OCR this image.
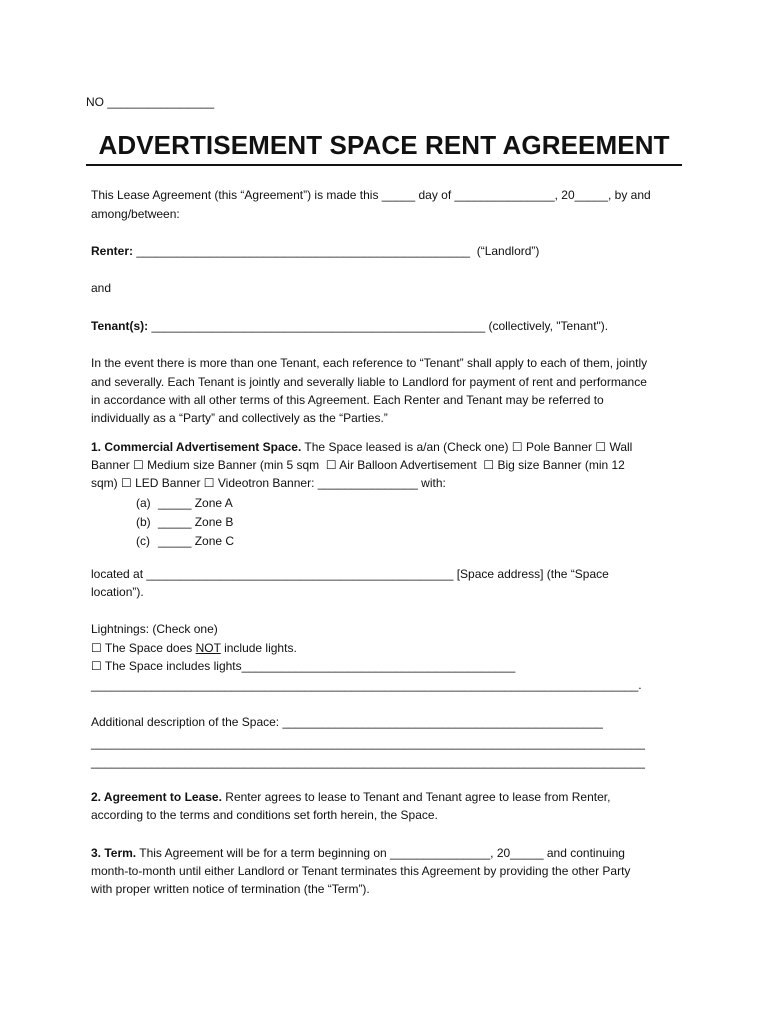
NO ________________
ADVERTISEMENT SPACE RENT AGREEMENT
This Lease Agreement (this “Agreement”) is made this _____ day of _______________, 20_____, by and
among/between:
Renter: __________________________________________________  (“Landlord”)
and
Tenant(s): __________________________________________________ (collectively, "Tenant").
In the event there is more than one Tenant, each reference to “Tenant” shall apply to each of them, jointly
and severally. Each Tenant is jointly and severally liable to Landlord for payment of rent and performance
in accordance with all other terms of this Agreement. Each Renter and Tenant may be referred to
individually as a “Party” and collectively as the “Parties.”
1. Commercial Advertisement Space. The Space leased is a/an (Check one) ☐ Pole Banner ☐ Wall
Banner ☐ Medium size Banner (min 5 sqm  ☐ Air Balloon Advertisement  ☐ Big size Banner (min 12
sqm) ☐ LED Banner ☐ Videotron Banner: _______________ with:
(a) _____ Zone A
(b) _____ Zone B
(c) _____ Zone C
located at ______________________________________________ [Space address] (the “Space
location”).
Lightnings: (Check one)
☐ The Space does NOT include lights.
☐ The Space includes lights_________________________________________
__________________________________________________________________________________.
Additional description of the Space: ________________________________________________
___________________________________________________________________________________
___________________________________________________________________________________
2. Agreement to Lease. Renter agrees to lease to Tenant and Tenant agree to lease from Renter,
according to the terms and conditions set forth herein, the Space.
3. Term. This Agreement will be for a term beginning on _______________, 20_____ and continuing
month-to-month until either Landlord or Tenant terminates this Agreement by providing the other Party
with proper written notice of termination (the “Term”).
